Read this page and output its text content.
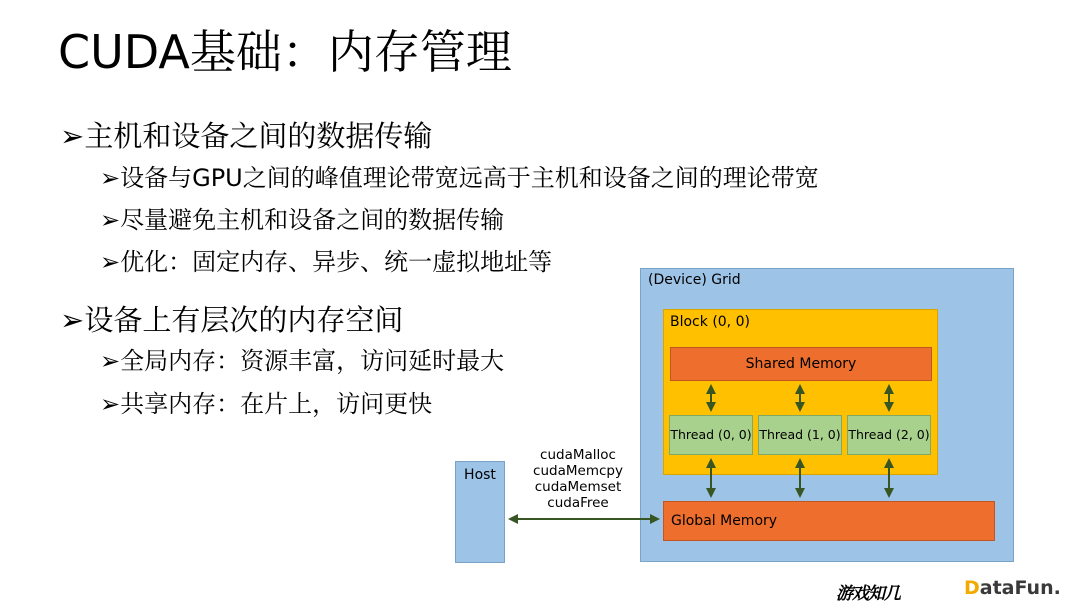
CUDA基础：内存管理
➢主机和设备之间的数据传输
➢设备与GPU之间的峰值理论带宽远高于主机和设备之间的理论带宽
➢尽量避免主机和设备之间的数据传输
➢优化：固定内存、异步、统一虚拟地址等
➢设备上有层次的内存空间
➢全局内存：资源丰富，访问延时最大
➢共享内存：在片上，访问更快
(Device) Grid
Block (0, 0)
Shared Memory
Thread (0, 0) Thread (1, 0) Thread (2, 0)
Global Memory
Host
cudaMalloc
cudaMemcpy
cudaMemset
cudaFree
游戏知几	DataFun.
